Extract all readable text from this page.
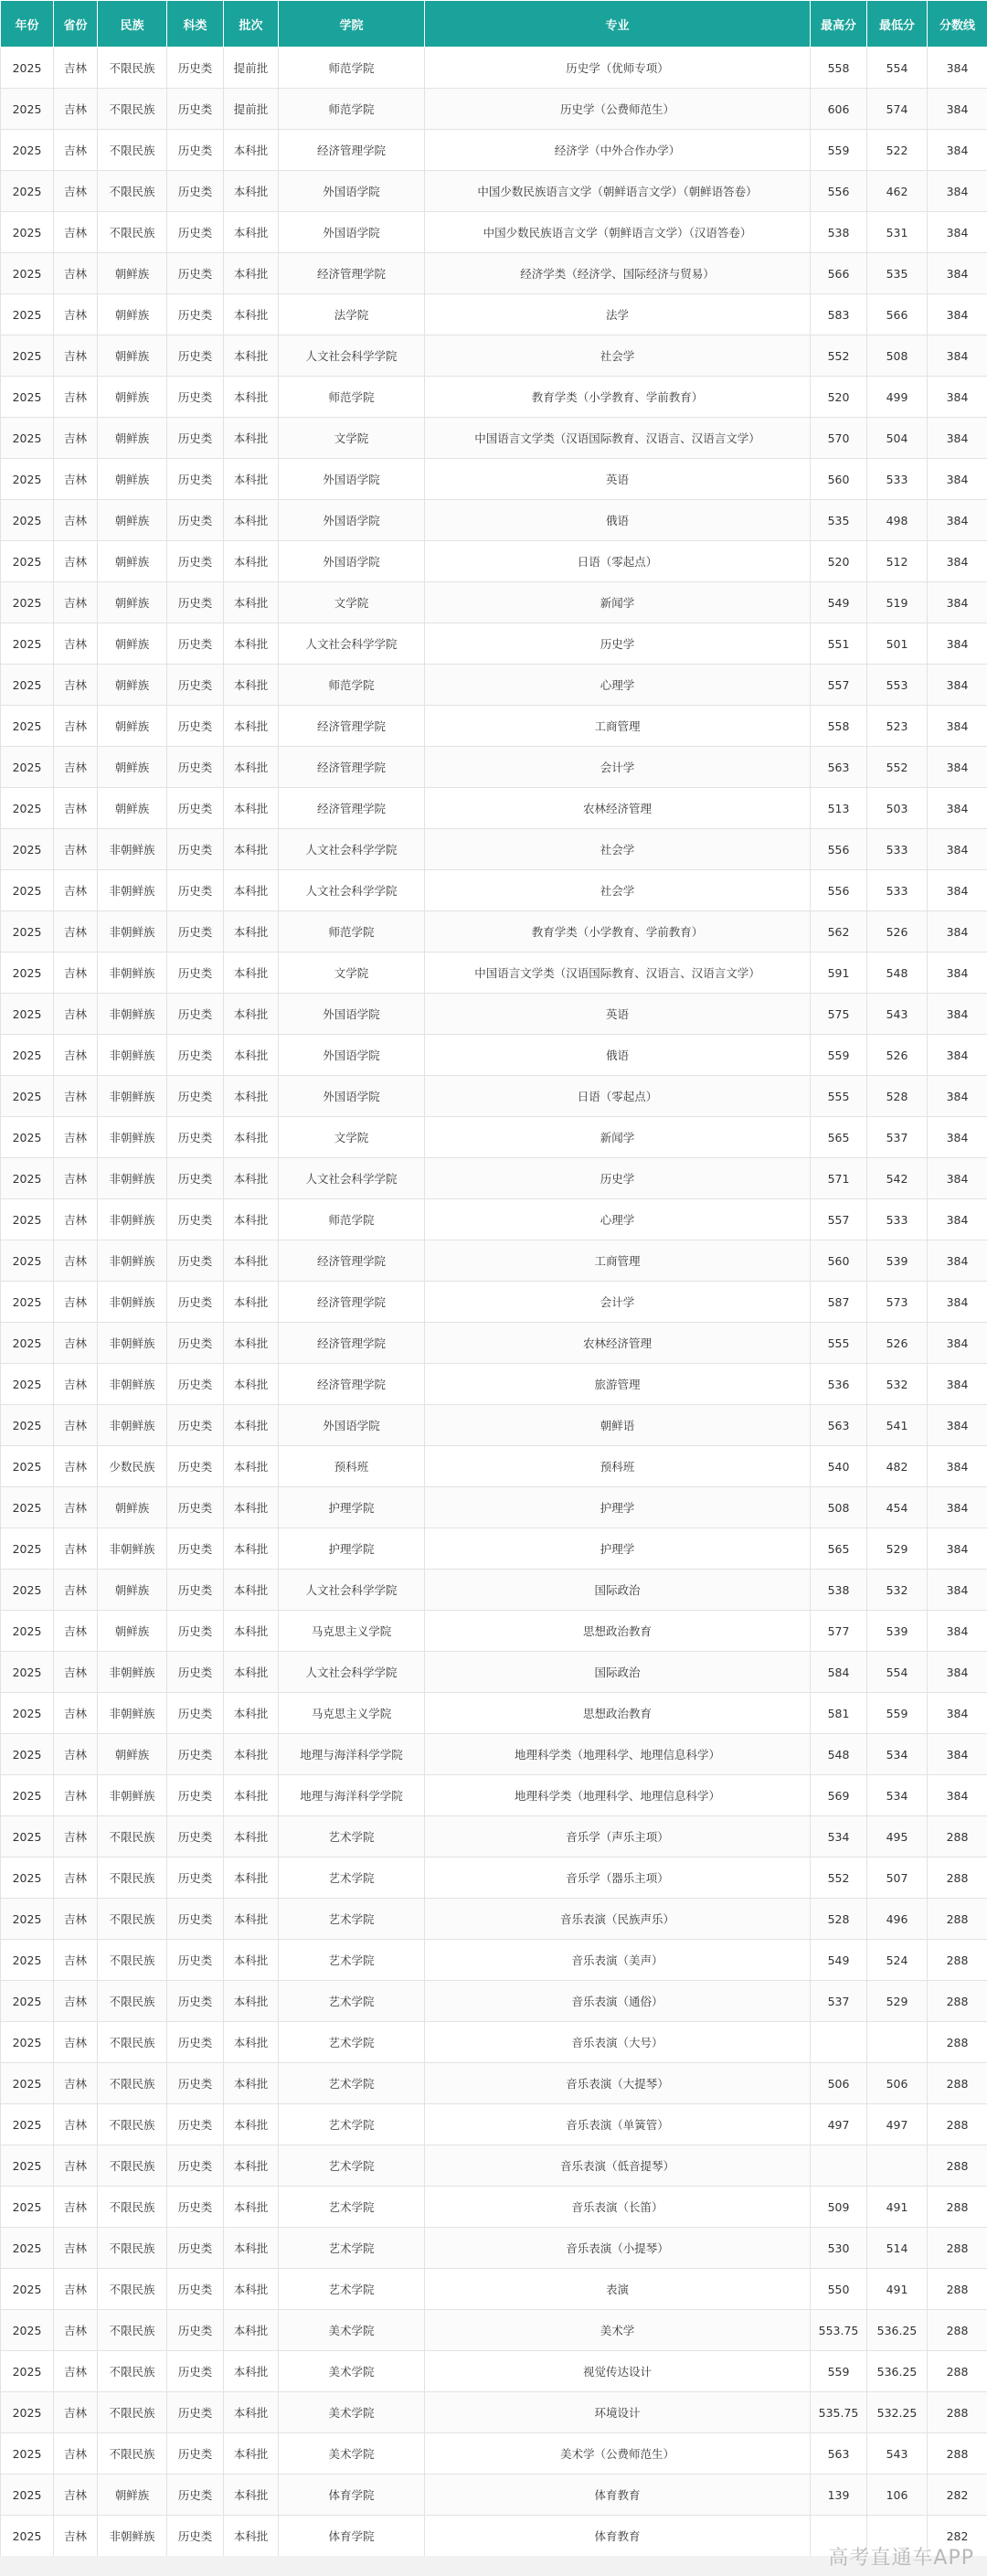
年份	省份	民族	科类	批次	学院	专业	最高分	最低分	分数线
2025	吉林	不限民族	历史类	提前批	师范学院	历史学（优师专项）	558	554	384
2025	吉林	不限民族	历史类	提前批	师范学院	历史学（公费师范生）	606	574	384
2025	吉林	不限民族	历史类	本科批	经济管理学院	经济学（中外合作办学）	559	522	384
2025	吉林	不限民族	历史类	本科批	外国语学院	中国少数民族语言文学（朝鲜语言文学）（朝鲜语答卷）	556	462	384
2025	吉林	不限民族	历史类	本科批	外国语学院	中国少数民族语言文学（朝鲜语言文学）（汉语答卷）	538	531	384
2025	吉林	朝鲜族	历史类	本科批	经济管理学院	经济学类（经济学、国际经济与贸易）	566	535	384
2025	吉林	朝鲜族	历史类	本科批	法学院	法学	583	566	384
2025	吉林	朝鲜族	历史类	本科批	人文社会科学学院	社会学	552	508	384
2025	吉林	朝鲜族	历史类	本科批	师范学院	教育学类（小学教育、学前教育）	520	499	384
2025	吉林	朝鲜族	历史类	本科批	文学院	中国语言文学类（汉语国际教育、汉语言、汉语言文学）	570	504	384
2025	吉林	朝鲜族	历史类	本科批	外国语学院	英语	560	533	384
2025	吉林	朝鲜族	历史类	本科批	外国语学院	俄语	535	498	384
2025	吉林	朝鲜族	历史类	本科批	外国语学院	日语（零起点）	520	512	384
2025	吉林	朝鲜族	历史类	本科批	文学院	新闻学	549	519	384
2025	吉林	朝鲜族	历史类	本科批	人文社会科学学院	历史学	551	501	384
2025	吉林	朝鲜族	历史类	本科批	师范学院	心理学	557	553	384
2025	吉林	朝鲜族	历史类	本科批	经济管理学院	工商管理	558	523	384
2025	吉林	朝鲜族	历史类	本科批	经济管理学院	会计学	563	552	384
2025	吉林	朝鲜族	历史类	本科批	经济管理学院	农林经济管理	513	503	384
2025	吉林	非朝鲜族	历史类	本科批	人文社会科学学院	社会学	556	533	384
2025	吉林	非朝鲜族	历史类	本科批	人文社会科学学院	社会学	556	533	384
2025	吉林	非朝鲜族	历史类	本科批	师范学院	教育学类（小学教育、学前教育）	562	526	384
2025	吉林	非朝鲜族	历史类	本科批	文学院	中国语言文学类（汉语国际教育、汉语言、汉语言文学）	591	548	384
2025	吉林	非朝鲜族	历史类	本科批	外国语学院	英语	575	543	384
2025	吉林	非朝鲜族	历史类	本科批	外国语学院	俄语	559	526	384
2025	吉林	非朝鲜族	历史类	本科批	外国语学院	日语（零起点）	555	528	384
2025	吉林	非朝鲜族	历史类	本科批	文学院	新闻学	565	537	384
2025	吉林	非朝鲜族	历史类	本科批	人文社会科学学院	历史学	571	542	384
2025	吉林	非朝鲜族	历史类	本科批	师范学院	心理学	557	533	384
2025	吉林	非朝鲜族	历史类	本科批	经济管理学院	工商管理	560	539	384
2025	吉林	非朝鲜族	历史类	本科批	经济管理学院	会计学	587	573	384
2025	吉林	非朝鲜族	历史类	本科批	经济管理学院	农林经济管理	555	526	384
2025	吉林	非朝鲜族	历史类	本科批	经济管理学院	旅游管理	536	532	384
2025	吉林	非朝鲜族	历史类	本科批	外国语学院	朝鲜语	563	541	384
2025	吉林	少数民族	历史类	本科批	预科班	预科班	540	482	384
2025	吉林	朝鲜族	历史类	本科批	护理学院	护理学	508	454	384
2025	吉林	非朝鲜族	历史类	本科批	护理学院	护理学	565	529	384
2025	吉林	朝鲜族	历史类	本科批	人文社会科学学院	国际政治	538	532	384
2025	吉林	朝鲜族	历史类	本科批	马克思主义学院	思想政治教育	577	539	384
2025	吉林	非朝鲜族	历史类	本科批	人文社会科学学院	国际政治	584	554	384
2025	吉林	非朝鲜族	历史类	本科批	马克思主义学院	思想政治教育	581	559	384
2025	吉林	朝鲜族	历史类	本科批	地理与海洋科学学院	地理科学类（地理科学、地理信息科学）	548	534	384
2025	吉林	非朝鲜族	历史类	本科批	地理与海洋科学学院	地理科学类（地理科学、地理信息科学）	569	534	384
2025	吉林	不限民族	历史类	本科批	艺术学院	音乐学（声乐主项）	534	495	288
2025	吉林	不限民族	历史类	本科批	艺术学院	音乐学（器乐主项）	552	507	288
2025	吉林	不限民族	历史类	本科批	艺术学院	音乐表演（民族声乐）	528	496	288
2025	吉林	不限民族	历史类	本科批	艺术学院	音乐表演（美声）	549	524	288
2025	吉林	不限民族	历史类	本科批	艺术学院	音乐表演（通俗）	537	529	288
2025	吉林	不限民族	历史类	本科批	艺术学院	音乐表演（大号）			288
2025	吉林	不限民族	历史类	本科批	艺术学院	音乐表演（大提琴）	506	506	288
2025	吉林	不限民族	历史类	本科批	艺术学院	音乐表演（单簧管）	497	497	288
2025	吉林	不限民族	历史类	本科批	艺术学院	音乐表演（低音提琴）			288
2025	吉林	不限民族	历史类	本科批	艺术学院	音乐表演（长笛）	509	491	288
2025	吉林	不限民族	历史类	本科批	艺术学院	音乐表演（小提琴）	530	514	288
2025	吉林	不限民族	历史类	本科批	艺术学院	表演	550	491	288
2025	吉林	不限民族	历史类	本科批	美术学院	美术学	553.75	536.25	288
2025	吉林	不限民族	历史类	本科批	美术学院	视觉传达设计	559	536.25	288
2025	吉林	不限民族	历史类	本科批	美术学院	环境设计	535.75	532.25	288
2025	吉林	不限民族	历史类	本科批	美术学院	美术学（公费师范生）	563	543	288
2025	吉林	朝鲜族	历史类	本科批	体育学院	体育教育	139	106	282
2025	吉林	非朝鲜族	历史类	本科批	体育学院	体育教育			282
高考直通车APP
